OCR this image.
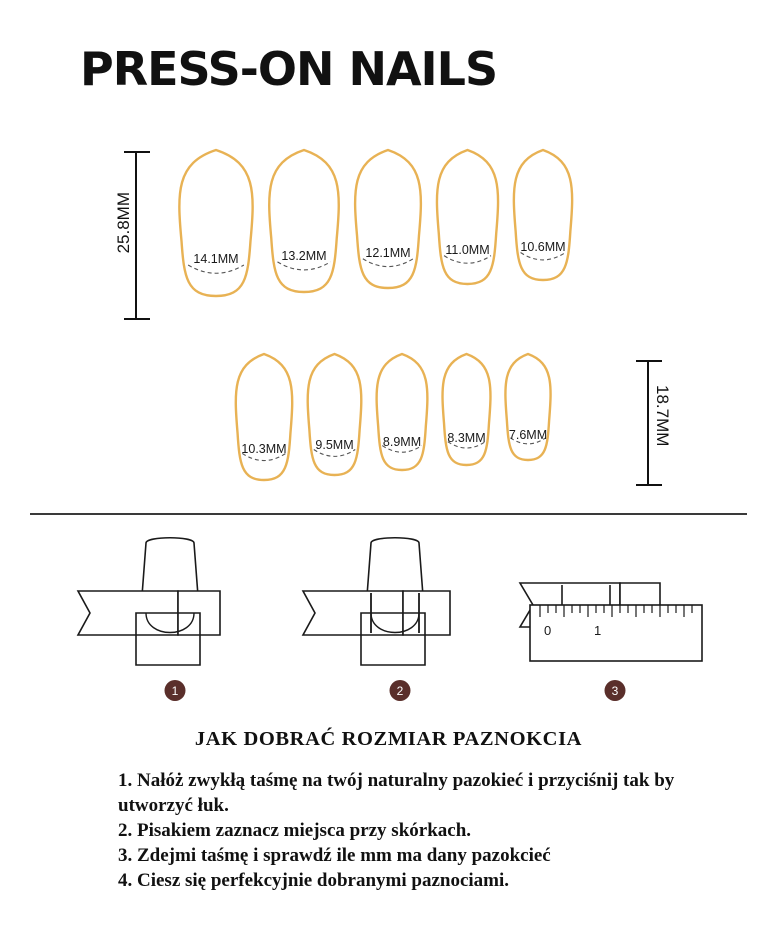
PRESS-ON NAILS
25.8MM
18.7MM
14.1MM	13.2MM	12.1MM	11.0MM 10.6MM
10.3MM 9.5MM 8.9MM 8.3MM 7.6MM
1	2
0	1
3
JAK DOBRAĆ ROZMIAR PAZNOKCIA

1. Nałóż zwykłą taśmę na twój naturalny pazokieć i przyciśnij tak by utworzyć łuk.

2. Pisakiem zaznacz miejsca przy skórkach.

3. Zdejmi taśmę i sprawdź ile mm ma dany pazokcieć

4. Ciesz się perfekcyjnie dobranymi paznociami.
